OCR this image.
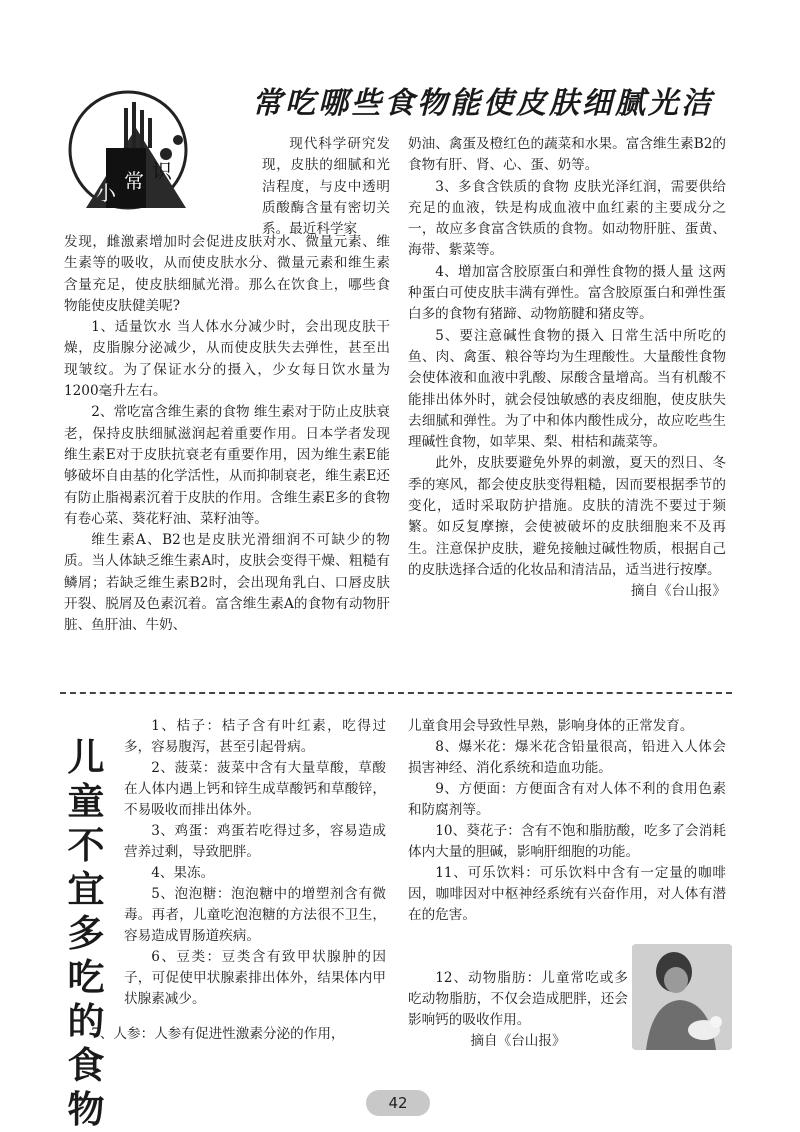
常吃哪些食物能使皮肤细腻光洁
小 常 识

现代科学研究发现，皮肤的细腻和光洁程度，与皮中透明质酸酶含量有密切关系。最近科学家

发现，雌激素增加时会促进皮肤对水、微量元素、维生素等的吸收，从而使皮肤水分、微量元素和维生素含量充足，使皮肤细腻光滑。那么在饮食上，哪些食物能使皮肤健美呢?

1、适量饮水 当人体水分减少时，会出现皮肤干燥，皮脂腺分泌减少，从而使皮肤失去弹性，甚至出现皱纹。为了保证水分的摄入，少女每日饮水量为1200毫升左右。

2、常吃富含维生素的食物 维生素对于防止皮肤衰老，保持皮肤细腻滋润起着重要作用。日本学者发现维生素E对于皮肤抗衰老有重要作用，因为维生素E能够破坏自由基的化学活性，从而抑制衰老，维生素E还有防止脂褐素沉着于皮肤的作用。含维生素E多的食物有卷心菜、葵花籽油、菜籽油等。

维生素A、B2也是皮肤光滑细润不可缺少的物质。当人体缺乏维生素A时，皮肤会变得干燥、粗糙有鳞屑；若缺乏维生素B2时，会出现角乳白、口唇皮肤开裂、脱屑及色素沉着。富含维生素A的食物有动物肝脏、鱼肝油、牛奶、

奶油、禽蛋及橙红色的蔬菜和水果。富含维生素B2的食物有肝、肾、心、蛋、奶等。

3、多食含铁质的食物 皮肤光泽红润，需要供给充足的血液，铁是构成血液中血红素的主要成分之一，故应多食富含铁质的食物。如动物肝脏、蛋黄、海带、紫菜等。

4、增加富含胶原蛋白和弹性食物的摄人量 这两种蛋白可使皮肤丰满有弹性。富含胶原蛋白和弹性蛋白多的食物有猪蹄、动物筋腱和猪皮等。

5、要注意碱性食物的摄入 日常生活中所吃的鱼、肉、禽蛋、粮谷等均为生理酸性。大量酸性食物会使体液和血液中乳酸、尿酸含量增高。当有机酸不能排出体外时，就会侵蚀敏感的表皮细胞，使皮肤失去细腻和弹性。为了中和体内酸性成分，故应吃些生理碱性食物，如苹果、梨、柑桔和蔬菜等。

此外，皮肤要避免外界的刺激，夏天的烈日、冬季的寒风，都会使皮肤变得粗糙，因而要根据季节的变化，适时采取防护措施。皮肤的清洗不要过于频繁。如反复摩擦，会使被破坏的皮肤细胞来不及再生。注意保护皮肤，避免接触过碱性物质，根据自己的皮肤选择合适的化妆品和清洁品，适当进行按摩。

摘自《台山报》

儿
童
不
宜
多
吃
的
食
物

1、桔子：桔子含有叶红素，吃得过多，容易腹泻，甚至引起骨病。

2、菠菜：菠菜中含有大量草酸，草酸在人体内遇上钙和锌生成草酸钙和草酸锌，不易吸收而排出体外。

3、鸡蛋：鸡蛋若吃得过多，容易造成营养过剩，导致肥胖。

4、果冻。

5、泡泡糖：泡泡糖中的增塑剂含有微毒。再者，儿童吃泡泡糖的方法很不卫生，容易造成胃肠道疾病。

6、豆类：豆类含有致甲状腺肿的因子，可促使甲状腺素排出体外，结果体内甲状腺素减少。

7、人参：人参有促进性激素分泌的作用，

儿童食用会导致性早熟，影响身体的正常发育。

8、爆米花：爆米花含铅量很高，铅进入人体会损害神经、消化系统和造血功能。

9、方便面：方便面含有对人体不利的食用色素和防腐剂等。

10、葵花子：含有不饱和脂肪酸，吃多了会消耗体内大量的胆碱，影响肝细胞的功能。

11、可乐饮料：可乐饮料中含有一定量的咖啡因，咖啡因对中枢神经系统有兴奋作用，对人体有潜在的危害。

12、动物脂肪：儿童常吃或多吃动物脂肪，不仅会造成肥胖，还会影响钙的吸收作用。

摘自《台山报》

42
